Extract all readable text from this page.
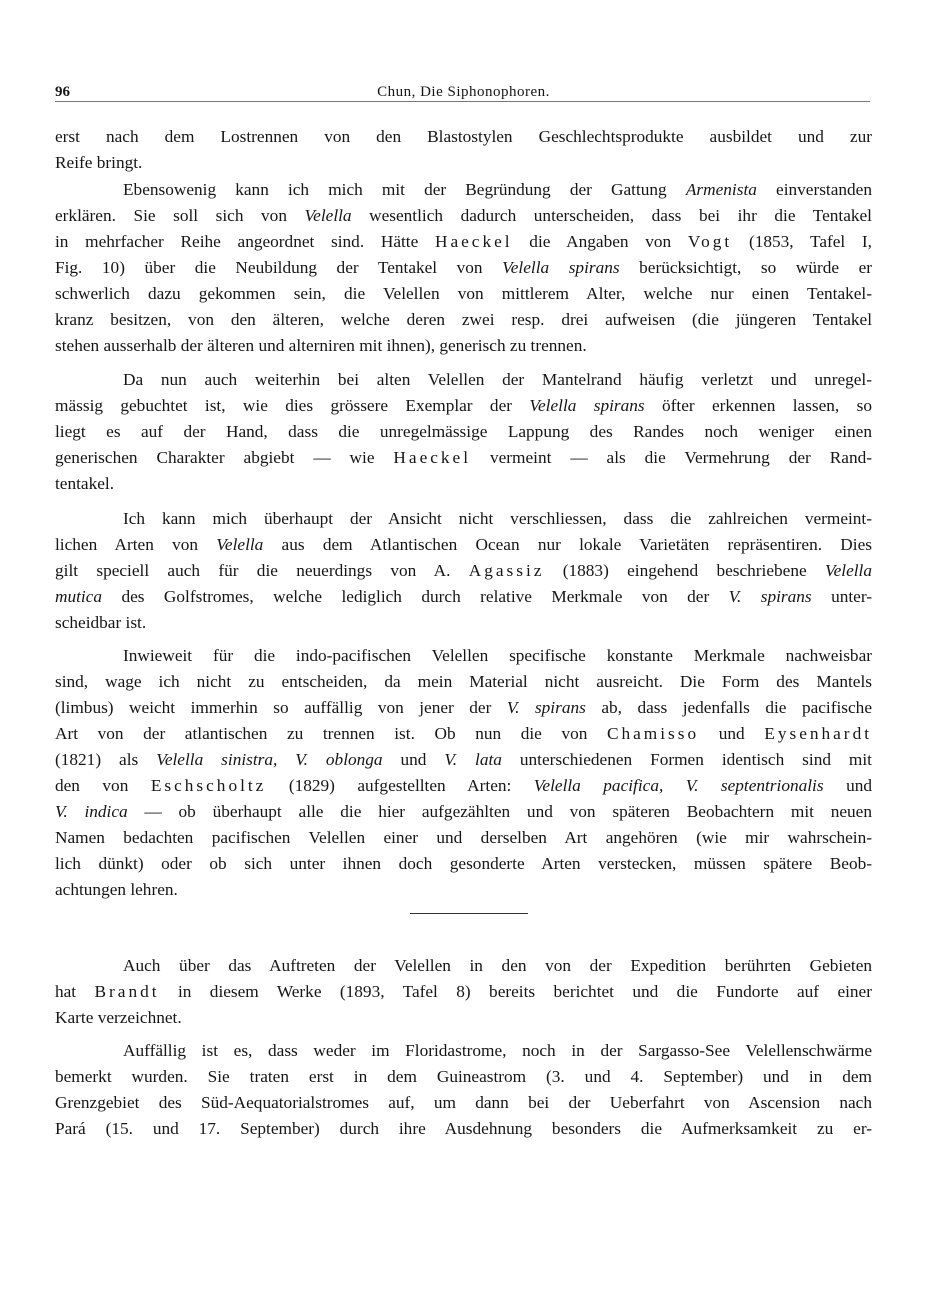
96	Chun, Die Siphonophoren.
erst nach dem Lostrennen von den Blastostylen Geschlechtsprodukte ausbildet und zur
Reife bringt.
Ebensowenig kann ich mich mit der Begründung der Gattung Armenista einverstanden
erklären. Sie soll sich von Velella wesentlich dadurch unterscheiden, dass bei ihr die Tentakel
in mehrfacher Reihe angeordnet sind. Hätte Haeckel die Angaben von Vogt (1853, Tafel I,
Fig. 10) über die Neubildung der Tentakel von Velella spirans berücksichtigt, so würde er
schwerlich dazu gekommen sein, die Velellen von mittlerem Alter, welche nur einen Tentakel-
kranz besitzen, von den älteren, welche deren zwei resp. drei aufweisen (die jüngeren Tentakel
stehen ausserhalb der älteren und alterniren mit ihnen), generisch zu trennen.
Da nun auch weiterhin bei alten Velellen der Mantelrand häufig verletzt und unregel-
mässig gebuchtet ist, wie dies grössere Exemplar der Velella spirans öfter erkennen lassen, so
liegt es auf der Hand, dass die unregelmässige Lappung des Randes noch weniger einen
generischen Charakter abgiebt — wie Haeckel vermeint — als die Vermehrung der Rand-
tentakel.
Ich kann mich überhaupt der Ansicht nicht verschliessen, dass die zahlreichen vermeint-
lichen Arten von Velella aus dem Atlantischen Ocean nur lokale Varietäten repräsentiren. Dies
gilt speciell auch für die neuerdings von A. Agassiz (1883) eingehend beschriebene Velella
mutica des Golfstromes, welche lediglich durch relative Merkmale von der V. spirans unter-
scheidbar ist.
Inwieweit für die indo-pacifischen Velellen specifische konstante Merkmale nachweisbar
sind, wage ich nicht zu entscheiden, da mein Material nicht ausreicht. Die Form des Mantels
(limbus) weicht immerhin so auffällig von jener der V. spirans ab, dass jedenfalls die pacifische
Art von der atlantischen zu trennen ist. Ob nun die von Chamisso und Eysenhardt
(1821) als Velella sinistra, V. oblonga und V. lata unterschiedenen Formen identisch sind mit
den von Eschscholtz (1829) aufgestellten Arten: Velella pacifica, V. septentrionalis und
V. indica — ob überhaupt alle die hier aufgezählten und von späteren Beobachtern mit neuen
Namen bedachten pacifischen Velellen einer und derselben Art angehören (wie mir wahrschein-
lich dünkt) oder ob sich unter ihnen doch gesonderte Arten verstecken, müssen spätere Beob-
achtungen lehren.
Auch über das Auftreten der Velellen in den von der Expedition berührten Gebieten
hat Brandt in diesem Werke (1893, Tafel 8) bereits berichtet und die Fundorte auf einer
Karte verzeichnet.
Auffällig ist es, dass weder im Floridastrome, noch in der Sargasso-See Velellenschwärme
bemerkt wurden. Sie traten erst in dem Guineastrom (3. und 4. September) und in dem
Grenzgebiet des Süd-Aequatorialstromes auf, um dann bei der Ueberfahrt von Ascension nach
Pará (15. und 17. September) durch ihre Ausdehnung besonders die Aufmerksamkeit zu er-
